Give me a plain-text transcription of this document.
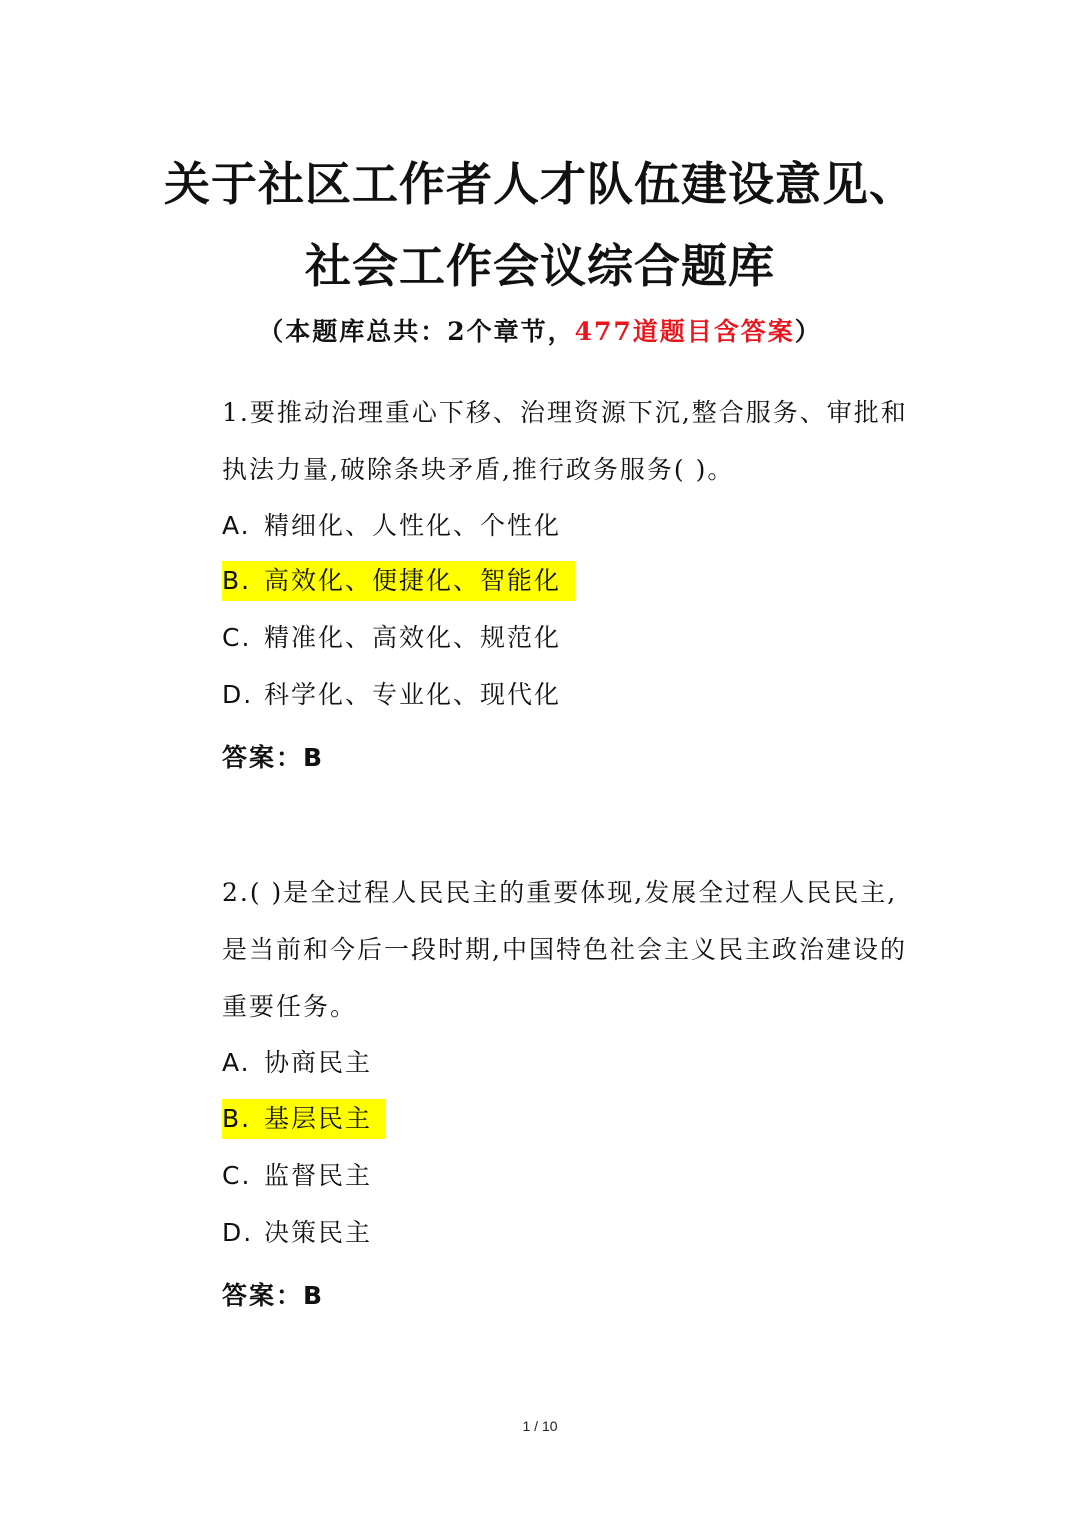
关于社区工作者人才队伍建设意见、
社会工作会议综合题库
（本题库总共：2个章节，477道题目含答案）
1.要推动治理重心下移、治理资源下沉,整合服务、审批和执法力量,破除条块矛盾,推行政务服务( )。
A. 精细化、人性化、个性化
B. 高效化、便捷化、智能化
C. 精准化、高效化、规范化
D. 科学化、专业化、现代化
答案：B
2.( )是全过程人民民主的重要体现,发展全过程人民民主,是当前和今后一段时期,中国特色社会主义民主政治建设的重要任务。
A. 协商民主
B. 基层民主
C. 监督民主
D. 决策民主
答案：B
1 / 10
